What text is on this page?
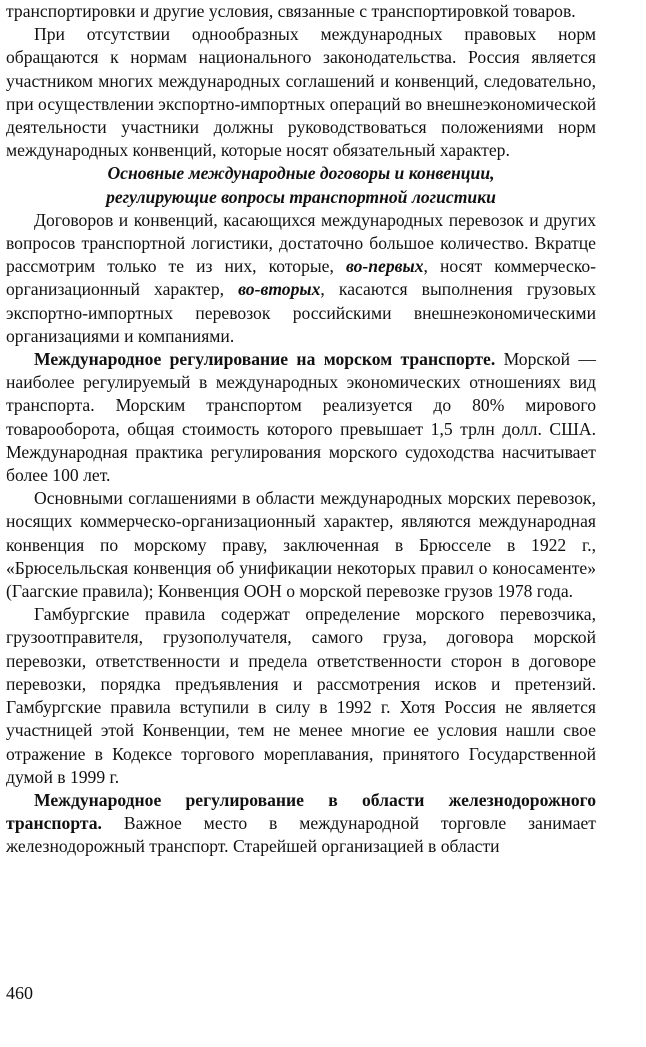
транспортировки и другие условия, связанные с транспортировкой товаров.

При отсутствии однообразных международных правовых норм обращаются к нормам национального законодательства. Россия является участником многих международных соглашений и конвенций, следовательно, при осуществлении экспортно-импортных операций во внешнеэкономической деятельности участники должны руководствоваться положениями норм международных конвенций, которые носят обязательный характер.

Основные международные договоры и конвенции,
регулирующие вопросы транспортной логистики

Договоров и конвенций, касающихся международных перевозок и других вопросов транспортной логистики, достаточно большое количество. Вкратце рассмотрим только те из них, которые, во-первых, носят коммерческо-организационный характер, во-вторых, касаются выполнения грузовых экспортно-импортных перевозок российскими внешнеэкономическими организациями и компаниями.

Международное регулирование на морском транспорте. Морской — наиболее регулируемый в международных экономических отношениях вид транспорта. Морским транспортом реализуется до 80% мирового товарооборота, общая стоимость которого превышает 1,5 трлн долл. США. Международная практика регулирования морского судоходства насчитывает более 100 лет.

Основными соглашениями в области международных морских перевозок, носящих коммерческо-организационный характер, являются международная конвенция по морскому праву, заключенная в Брюсселе в 1922 г., «Брюсельльская конвенция об унификации некоторых правил о коносаменте» (Гаагские правила); Конвенция ООН о морской перевозке грузов 1978 года.

Гамбургские правила содержат определение морского перевозчика, грузоотправителя, грузополучателя, самого груза, договора морской перевозки, ответственности и предела ответственности сторон в договоре перевозки, порядка предъявления и рассмотрения исков и претензий. Гамбургские правила вступили в силу в 1992 г. Хотя Россия не является участницей этой Конвенции, тем не менее многие ее условия нашли свое отражение в Кодексе торгового мореплавания, принятого Государственной думой в 1999 г.

Международное регулирование в области железнодорожного транспорта. Важное место в международной торговле занимает железнодорожный транспорт. Старейшей организацией в области

460
